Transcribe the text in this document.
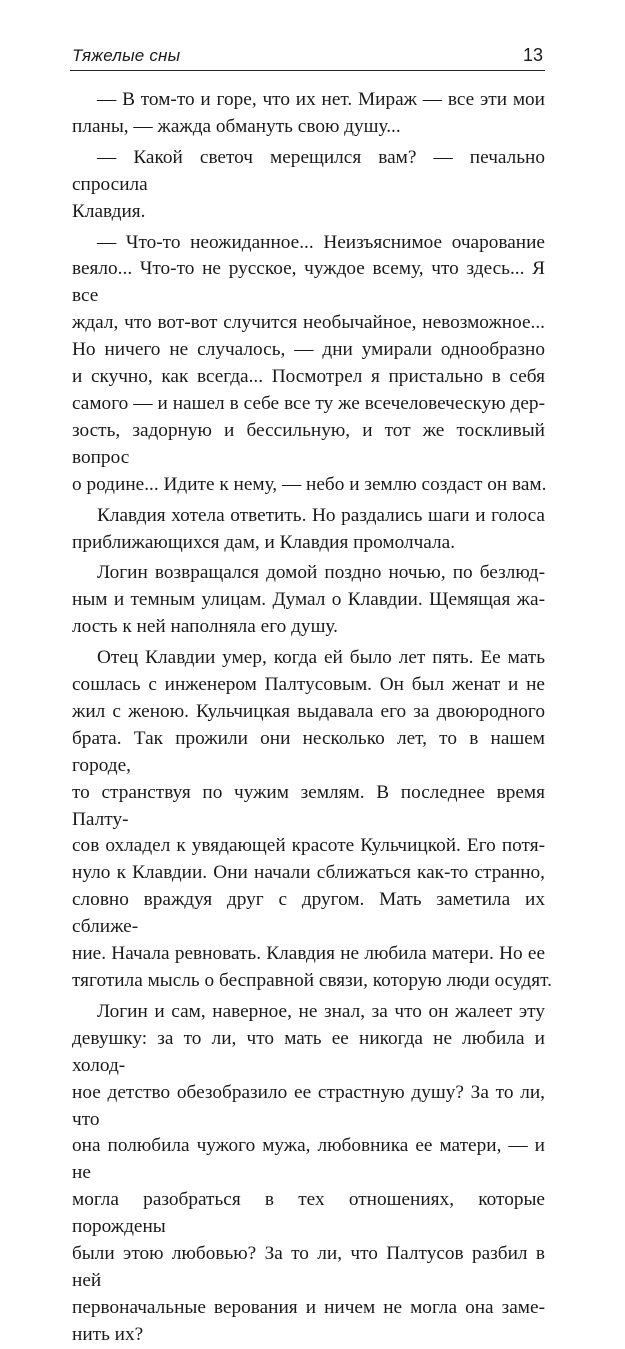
Тяжелые сны	13

— В том-то и горе, что их нет. Мираж — все эти мои
планы, — жажда обмануть свою душу...

— Какой светоч мерещился вам? — печально спросила
Клавдия.

— Что-то неожиданное... Неизъяснимое очарование
веяло... Что-то не русское, чуждое всему, что здесь... Я все
ждал, что вот-вот случится необычайное, невозможное...
Но ничего не случалось, — дни умирали однообразно
и скучно, как всегда... Посмотрел я пристально в себя
самого — и нашел в себе все ту же всечеловеческую дер-
зость, задорную и бессильную, и тот же тоскливый вопрос
о родине... Идите к нему, — небо и землю создаст он вам.

Клавдия хотела ответить. Но раздались шаги и голоса
приближающихся дам, и Клавдия промолчала.

Логин возвращался домой поздно ночью, по безлюд-
ным и темным улицам. Думал о Клавдии. Щемящая жа-
лость к ней наполняла его душу.

Отец Клавдии умер, когда ей было лет пять. Ее мать
сошлась с инженером Палтусовым. Он был женат и не
жил с женою. Кульчицкая выдавала его за двоюродного
брата. Так прожили они несколько лет, то в нашем городе,
то странствуя по чужим землям. В последнее время Палту-
сов охладел к увядающей красоте Кульчицкой. Его потя-
нуло к Клавдии. Они начали сближаться как-то странно,
словно враждуя друг с другом. Мать заметила их сближе-
ние. Начала ревновать. Клавдия не любила матери. Но ее
тяготила мысль о бесправной связи, которую люди осудят.

Логин и сам, наверное, не знал, за что он жалеет эту
девушку: за то ли, что мать ее никогда не любила и холод-
ное детство обезобразило ее страстную душу? За то ли, что
она полюбила чужого мужа, любовника ее матери, — и не
могла разобраться в тех отношениях, которые порождены
были этою любовью? За то ли, что Палтусов разбил в ней
первоначальные верования и ничем не могла она заме-
нить их?
